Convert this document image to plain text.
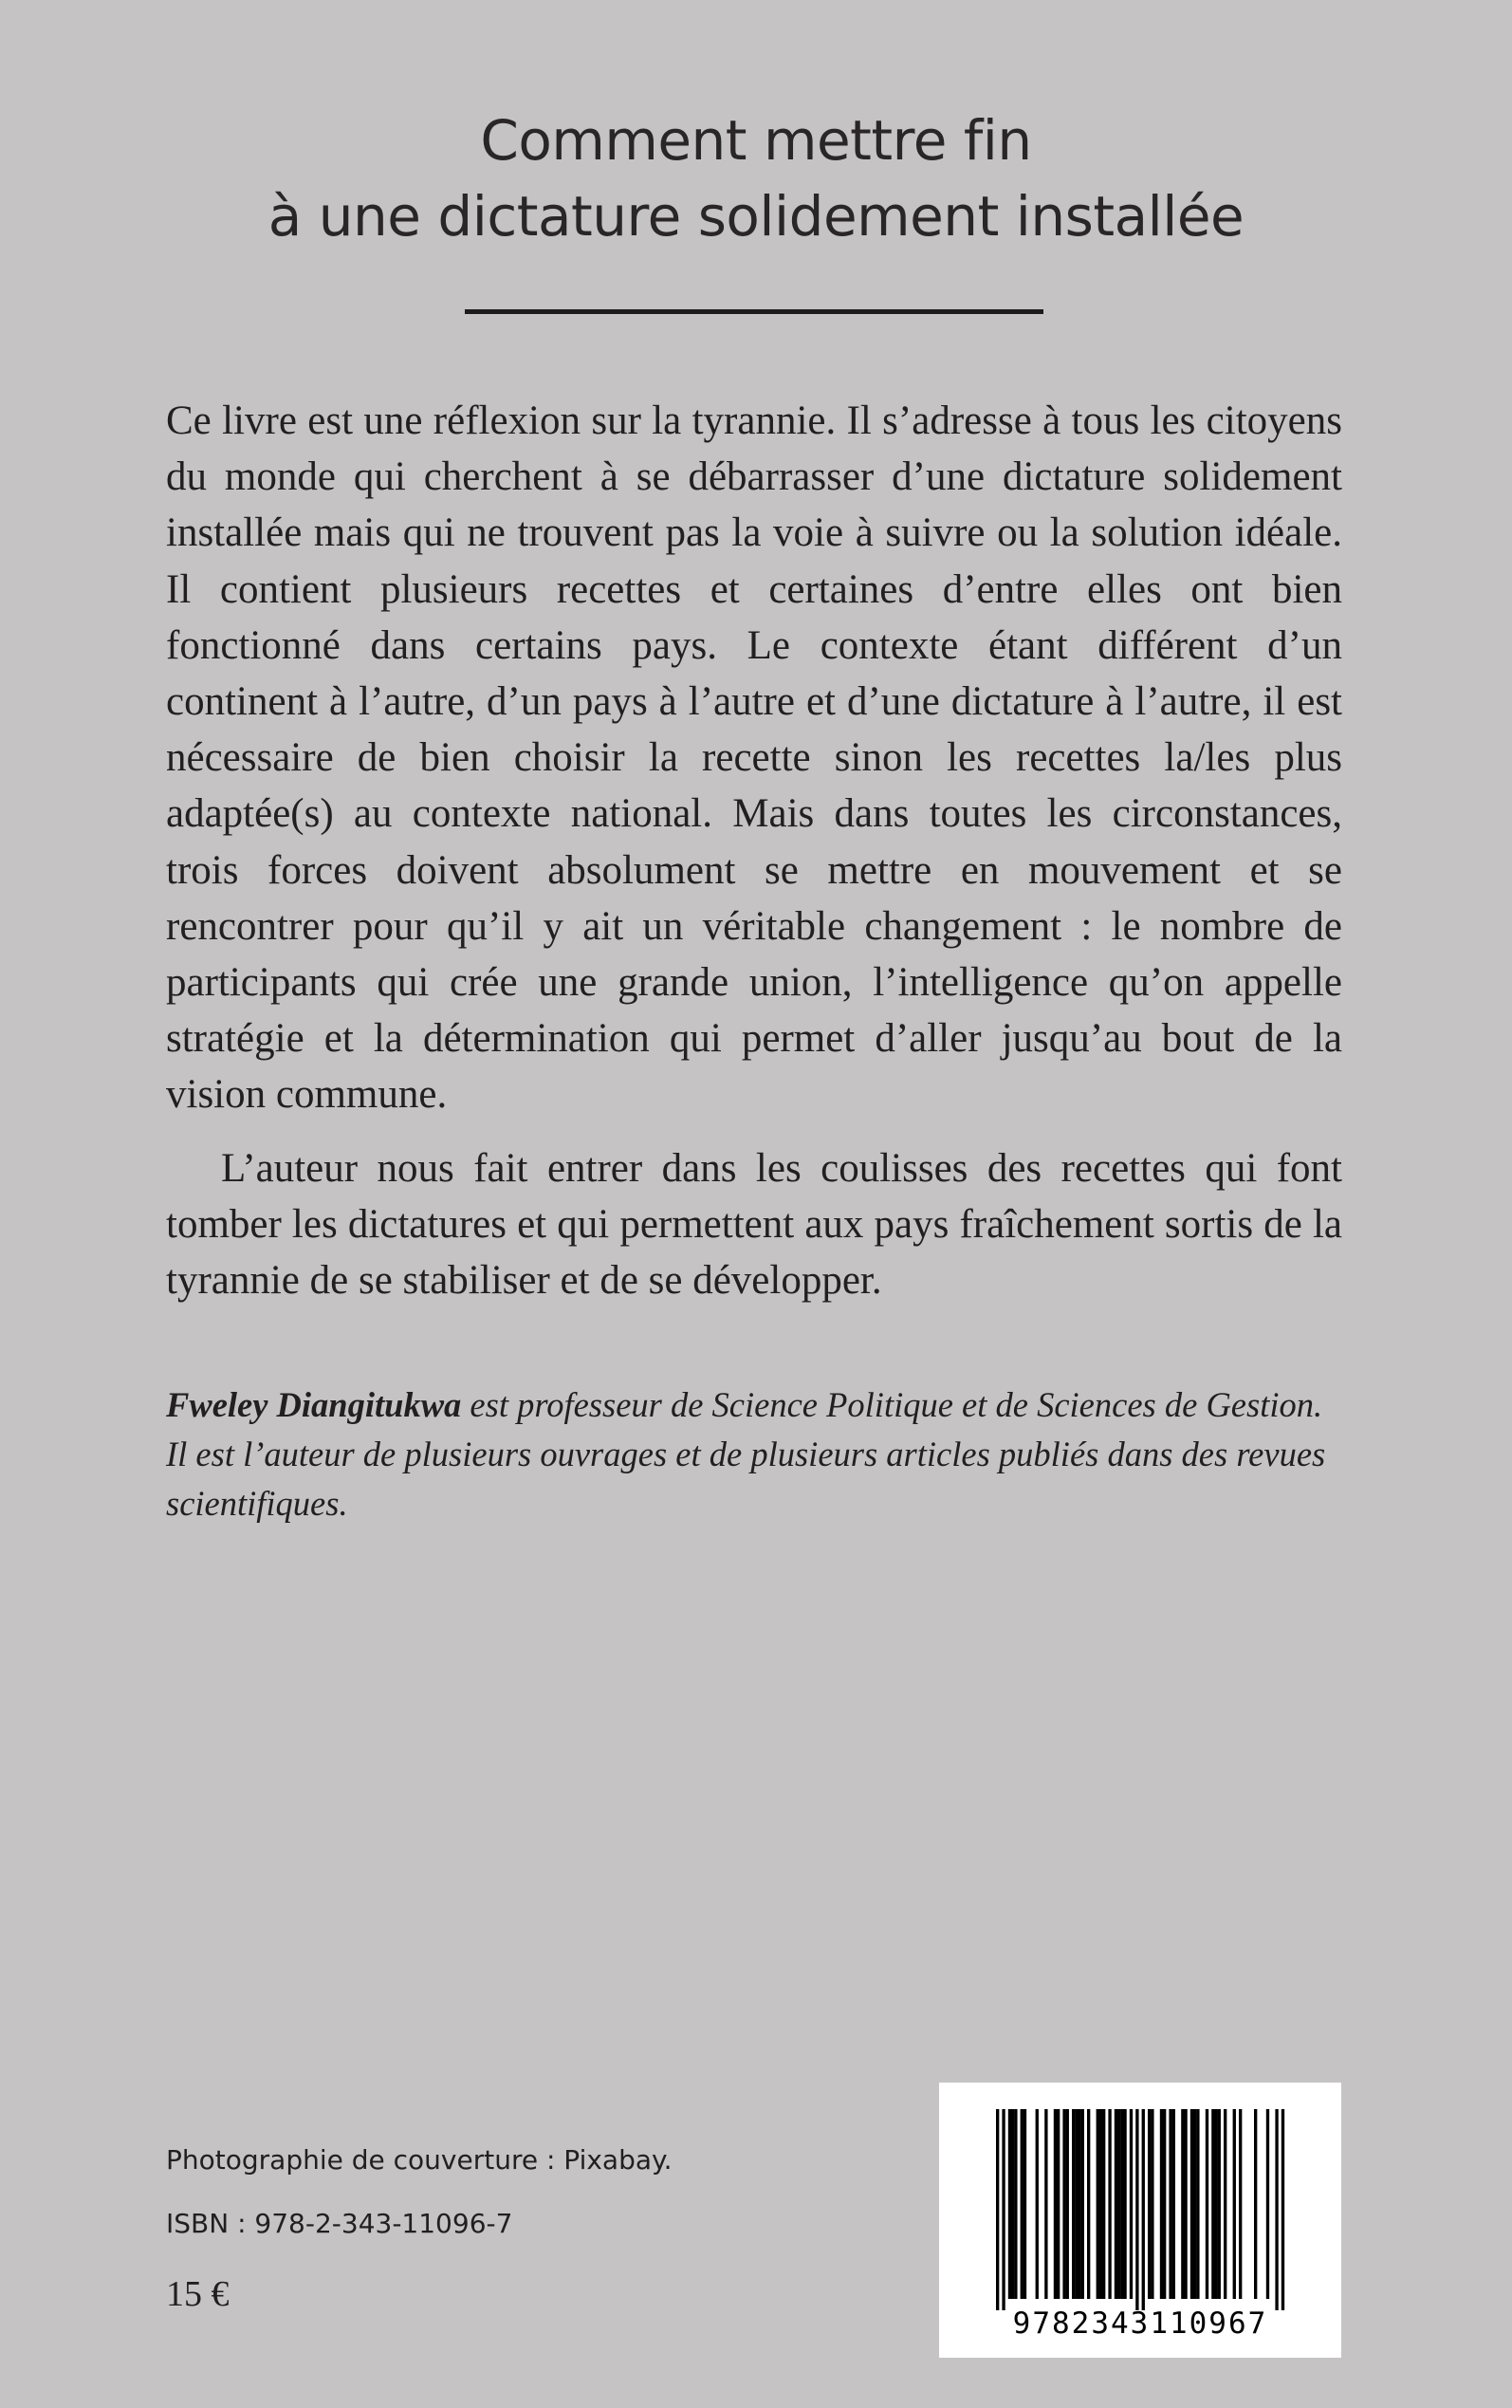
Comment mettre fin
à une dictature solidement installée

Ce livre est une réflexion sur la tyrannie. Il s’adresse à tous les citoyens du monde qui cherchent à se débarrasser d’une dictature solidement installée mais qui ne trouvent pas la voie à suivre ou la solution idéale. Il contient plusieurs recettes et certaines d’entre elles ont bien fonctionné dans certains pays. Le contexte étant différent d’un continent à l’autre, d’un pays à l’autre et d’une dictature à l’autre, il est nécessaire de bien choisir la recette sinon les recettes la/les plus adaptée(s) au contexte national. Mais dans toutes les circonstances, trois forces doivent absolument se mettre en mouvement et se rencontrer pour qu’il y ait un véritable changement : le nombre de participants qui crée une grande union, l’intelligence qu’on appelle stratégie et la détermination qui permet d’aller jusqu’au bout de la vision commune.

L’auteur nous fait entrer dans les coulisses des recettes qui font tomber les dictatures et qui permettent aux pays fraîchement sortis de la tyrannie de se stabiliser et de se développer.

Fweley Diangitukwa est professeur de Science Politique et de Sciences de Gestion. Il est l’auteur de plusieurs ouvrages et de plusieurs articles publiés dans des revues scientifiques.
Photographie de couverture : Pixabay.
ISBN : 978-2-343-11096-7
15 €
9782343110967
